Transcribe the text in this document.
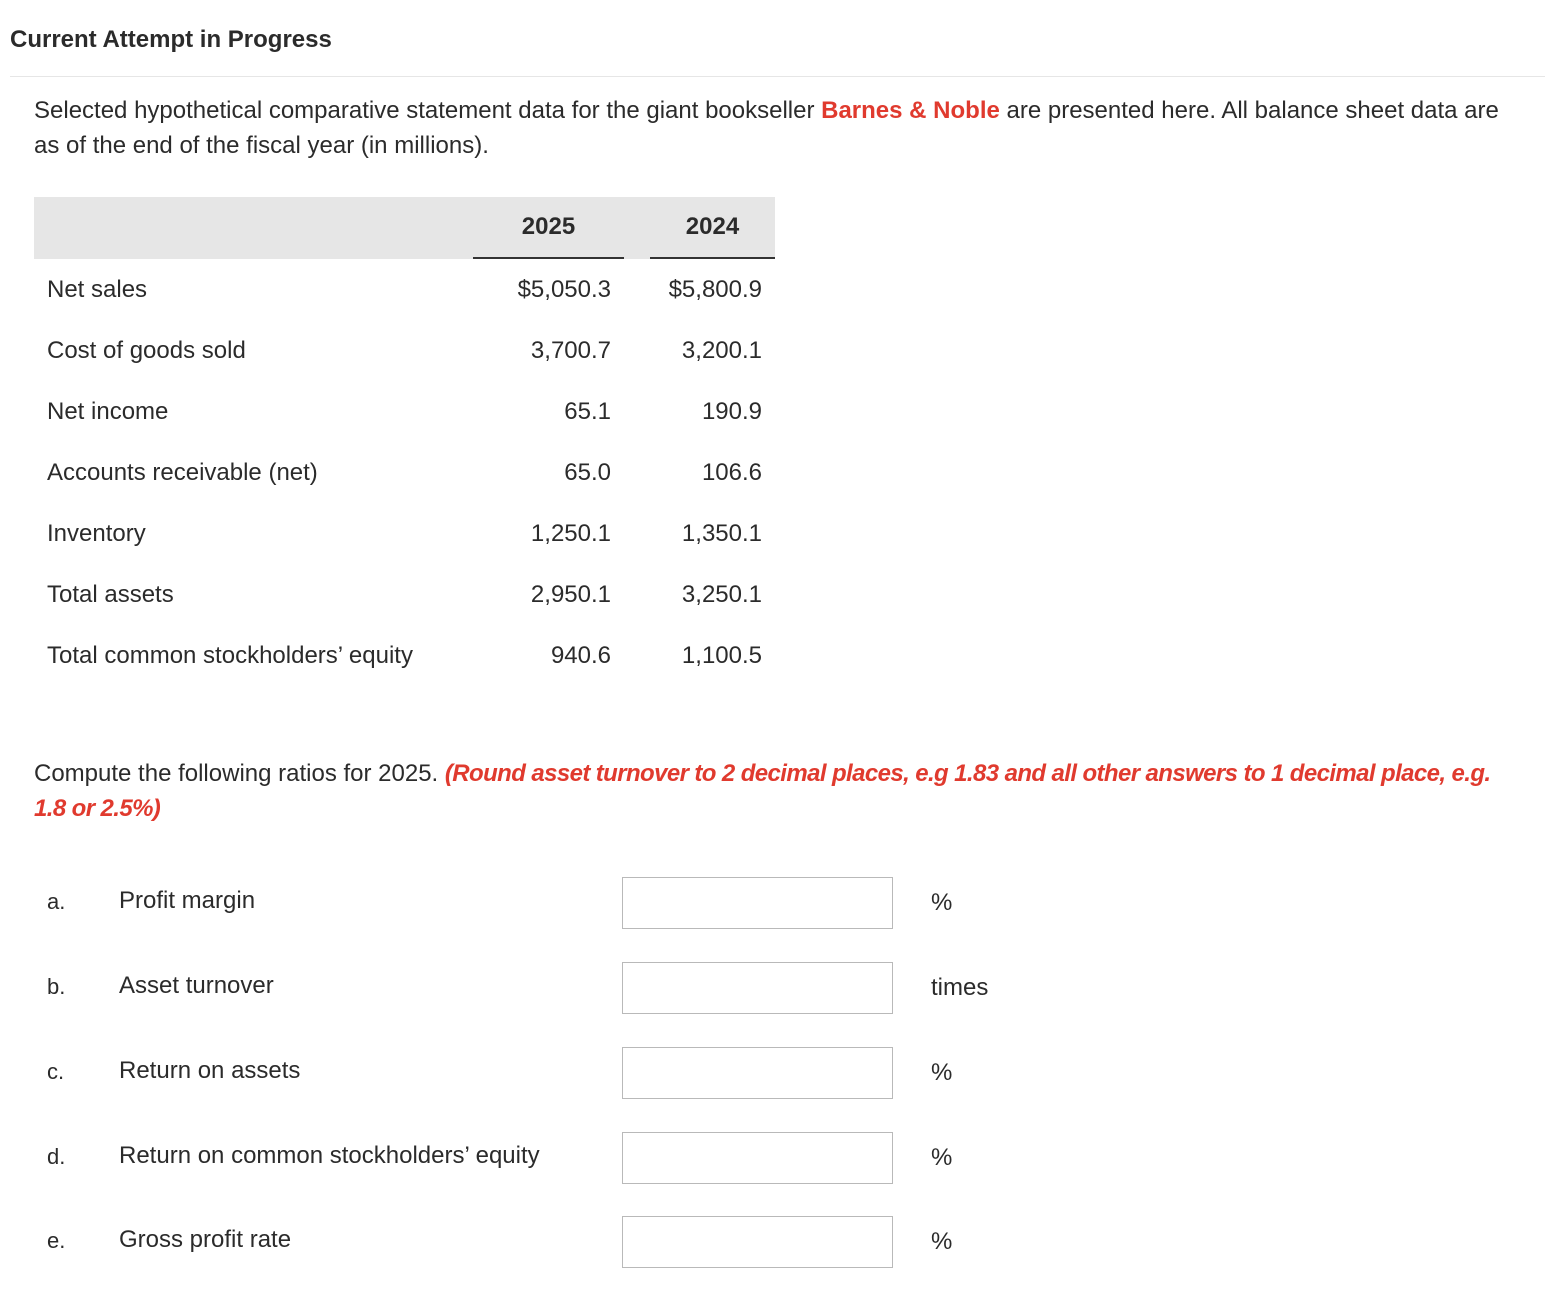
Current Attempt in Progress
Selected hypothetical comparative statement data for the giant bookseller Barnes & Noble are presented here. All balance sheet data are as of the end of the fiscal year (in millions).

	2025		2024

Net sales	$5,050.3		$5,800.9
Cost of goods sold	3,700.7		3,200.1
Net income	65.1		190.9
Accounts receivable (net)	65.0		106.6
Inventory	1,250.1		1,350.1
Total assets	2,950.1		3,250.1
Total common stockholders’ equity	940.6		1,100.5
Compute the following ratios for 2025. (Round asset turnover to 2 decimal places, e.g 1.83 and all other answers to 1 decimal place, e.g. 1.8 or 2.5%)
a. Profit margin	%
b. Asset turnover	times
c. Return on assets	%
d. Return on common stockholders’ equity	%
e. Gross profit rate	%
